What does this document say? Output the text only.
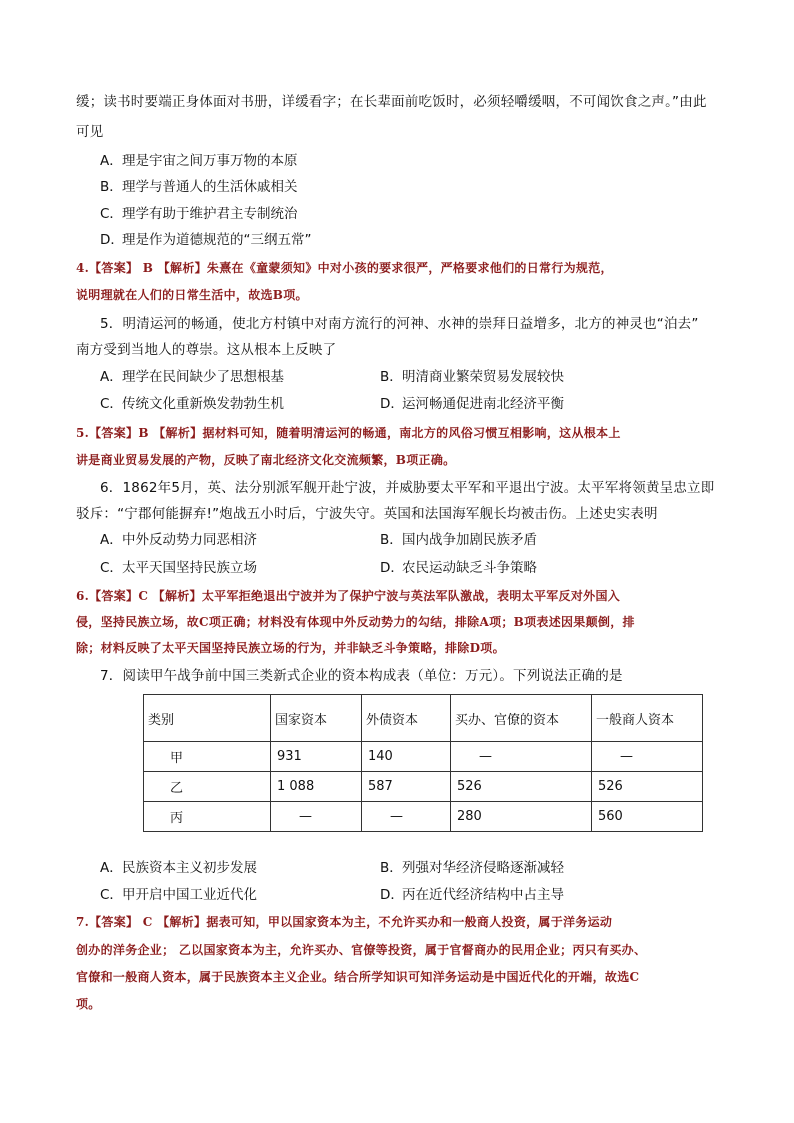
缓；读书时要端正身体面对书册，详缓看字；在长辈面前吃饭时，必须轻嚼缓咽，不可闻饮食之声。”由此
可见
A．理是宇宙之间万事万物的本原
B．理学与普通人的生活休戚相关
C．理学有助于维护君主专制统治
D．理是作为道德规范的“三纲五常”
4.【答案】 B 【解析】朱熹在《童蒙须知》中对小孩的要求很严，严格要求他们的日常行为规范，
说明理就在人们的日常生活中，故选B项。
5．明清运河的畅通，使北方村镇中对南方流行的河神、水神的崇拜日益增多，北方的神灵也“泊去”
南方受到当地人的尊崇。这从根本上反映了
A．理学在民间缺少了思想根基	B．明清商业繁荣贸易发展较快
C．传统文化重新焕发勃勃生机	D．运河畅通促进南北经济平衡
5.【答案】B 【解析】据材料可知，随着明清运河的畅通，南北方的风俗习惯互相影响，这从根本上
讲是商业贸易发展的产物，反映了南北经济文化交流频繁，B项正确。
6．1862年5月，英、法分别派军舰开赴宁波，并威胁要太平军和平退出宁波。太平军将领黄呈忠立即
驳斥：“宁郡何能摒弃!”炮战五小时后，宁波失守。英国和法国海军舰长均被击伤。上述史实表明
A．中外反动势力同恶相济	B．国内战争加剧民族矛盾
C．太平天国坚持民族立场	D．农民运动缺乏斗争策略
6.【答案】C 【解析】太平军拒绝退出宁波并为了保护宁波与英法军队激战，表明太平军反对外国入
侵，坚持民族立场，故C项正确；材料没有体现中外反动势力的勾结，排除A项；B项表述因果颠倒，排
除；材料反映了太平天国坚持民族立场的行为，并非缺乏斗争策略，排除D项。
7．阅读甲午战争前中国三类新式企业的资本构成表（单位：万元）。下列说法正确的是
类别	国家资本	外债资本	买办、官僚的资本	一般商人资本
甲	931	140	—	—
乙	1 088	587	526	526
丙	—	—	280	560
A．民族资本主义初步发展	B．列强对华经济侵略逐渐减轻
C．甲开启中国工业近代化	D．丙在近代经济结构中占主导
7.【答案】 C 【解析】据表可知，甲以国家资本为主，不允许买办和一般商人投资，属于洋务运动
创办的洋务企业； 乙以国家资本为主，允许买办、官僚等投资，属于官督商办的民用企业；丙只有买办、
官僚和一般商人资本，属于民族资本主义企业。结合所学知识可知洋务运动是中国近代化的开端，故选C
项。
